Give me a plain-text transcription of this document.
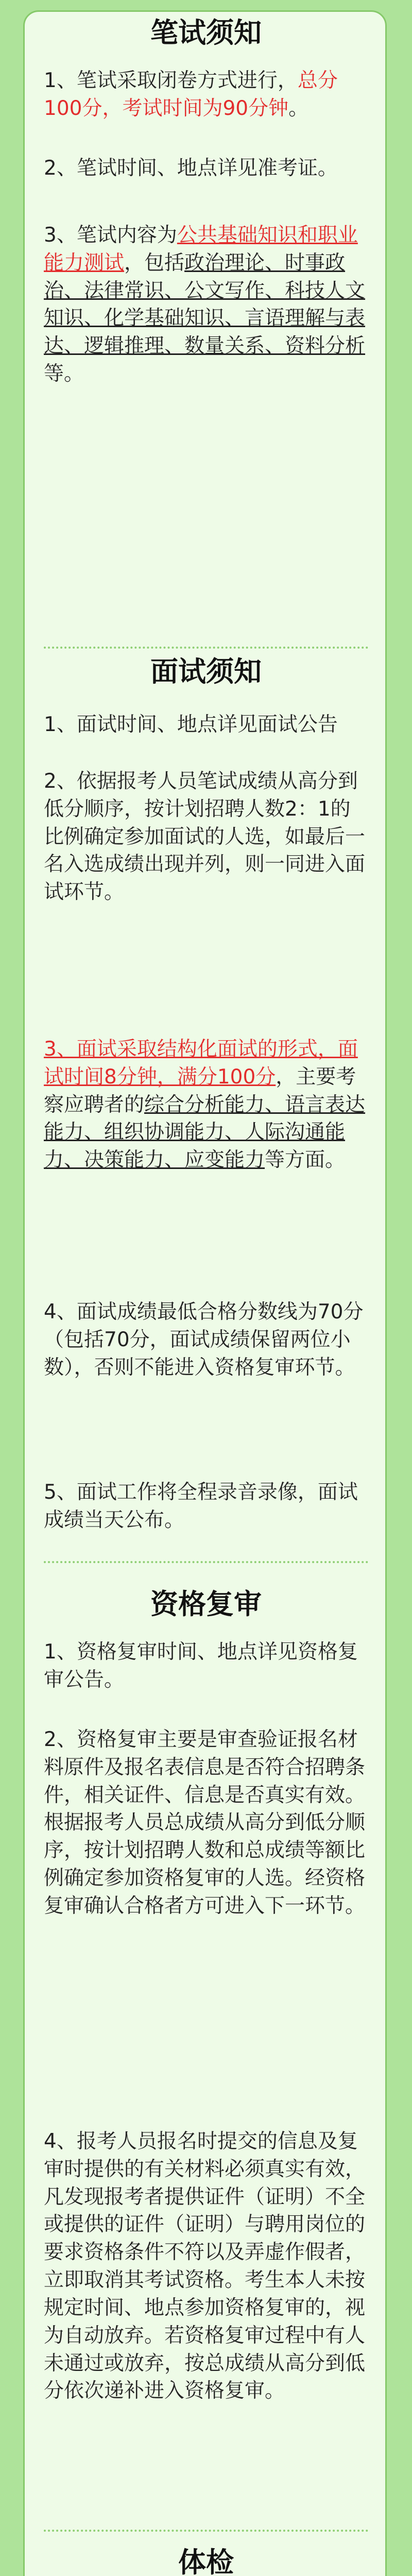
笔试须知

1、笔试采取闭卷方式进行，总分100分，考试时间为90分钟。

2、笔试时间、地点详见准考证。

3、笔试内容为公共基础知识和职业能力测试，包括政治理论、时事政治、法律常识、公文写作、科技人文知识、化学基础知识、言语理解与表达、逻辑推理、数量关系、资料分析等。

面试须知

1、面试时间、地点详见面试公告

2、依据报考人员笔试成绩从高分到低分顺序，按计划招聘人数2：1的比例确定参加面试的人选，如最后一名入选成绩出现并列，则一同进入面试环节。

3、面试采取结构化面试的形式，面试时间8分钟，满分100分，主要考察应聘者的综合分析能力、语言表达能力、组织协调能力、人际沟通能力、决策能力、应变能力等方面。

4、面试成绩最低合格分数线为70分（包括70分，面试成绩保留两位小数），否则不能进入资格复审环节。

5、面试工作将全程录音录像，面试成绩当天公布。

资格复审

1、资格复审时间、地点详见资格复审公告。

2、资格复审主要是审查验证报名材料原件及报名表信息是否符合招聘条件，相关证件、信息是否真实有效。根据报考人员总成绩从高分到低分顺序，按计划招聘人数和总成绩等额比例确定参加资格复审的人选。经资格复审确认合格者方可进入下一环节。

4、报考人员报名时提交的信息及复审时提供的有关材料必须真实有效，凡发现报考者提供证件（证明）不全或提供的证件（证明）与聘用岗位的要求资格条件不符以及弄虚作假者，立即取消其考试资格。考生本人未按规定时间、地点参加资格复审的，视为自动放弃。若资格复审过程中有人未通过或放弃，按总成绩从高分到低分依次递补进入资格复审。

体检
